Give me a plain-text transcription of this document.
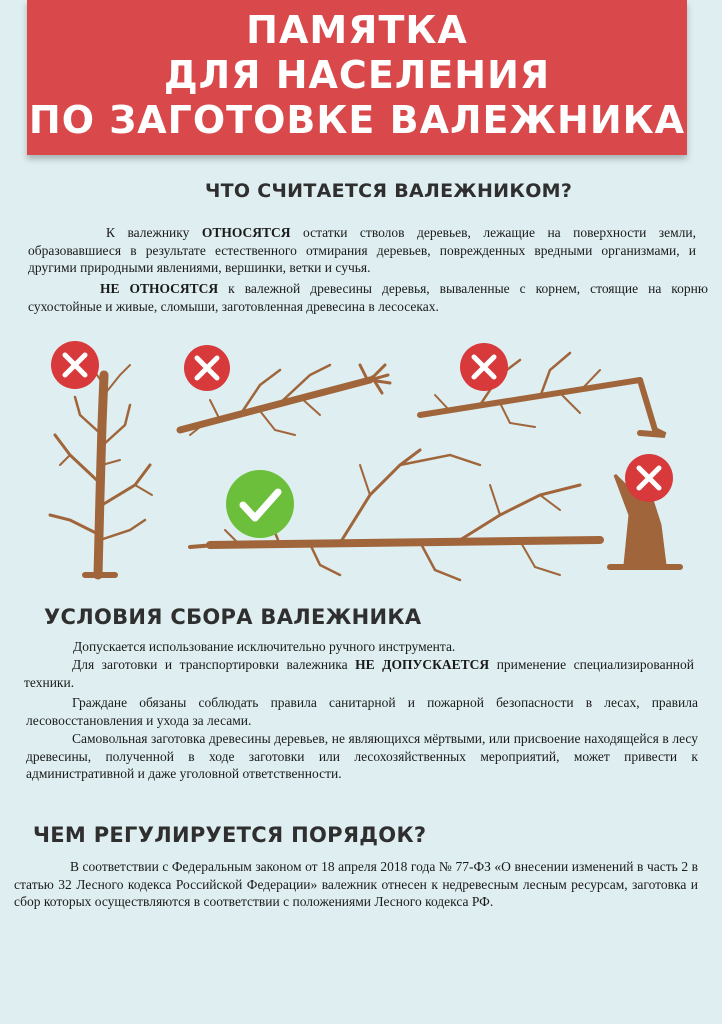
ПАМЯТКА
ДЛЯ НАСЕЛЕНИЯ
ПО ЗАГОТОВКЕ ВАЛЕЖНИКА
ЧТО СЧИТАЕТСЯ ВАЛЕЖНИКОМ?
К валежнику ОТНОСЯТСЯ остатки стволов деревьев, лежащие на поверхности земли, образовавшиеся в результате естественного отмирания деревьев, поврежденных вредными организмами, и другими природными явлениями, вершинки, ветки и сучья.
НЕ ОТНОСЯТСЯ к валежной древесины деревья, вываленные с корнем, стоящие на корню сухостойные и живые, сломыши, заготовленная древесина в лесосеках.
УСЛОВИЯ СБОРА ВАЛЕЖНИКА
Допускается использование исключительно ручного инструмента.
Для заготовки и транспортировки валежника НЕ ДОПУСКАЕТСЯ применение специализированной техники.
Граждане обязаны соблюдать правила санитарной и пожарной безопасности в лесах, правила лесовосстановления и ухода за лесами.
Самовольная заготовка древесины деревьев, не являющихся мёртвыми, или присвоение находящейся в лесу древесины, полученной в ходе заготовки или лесохозяйственных мероприятий, может привести к административной и даже уголовной ответственности.
ЧЕМ РЕГУЛИРУЕТСЯ ПОРЯДОК?
В соответствии с Федеральным законом от 18 апреля 2018 года № 77-ФЗ «О внесении изменений в часть 2 в статью 32 Лесного кодекса Российской Федерации» валежник отнесен к недревесным лесным ресурсам, заготовка и сбор которых осуществляются в соответствии с положениями Лесного кодекса РФ.
